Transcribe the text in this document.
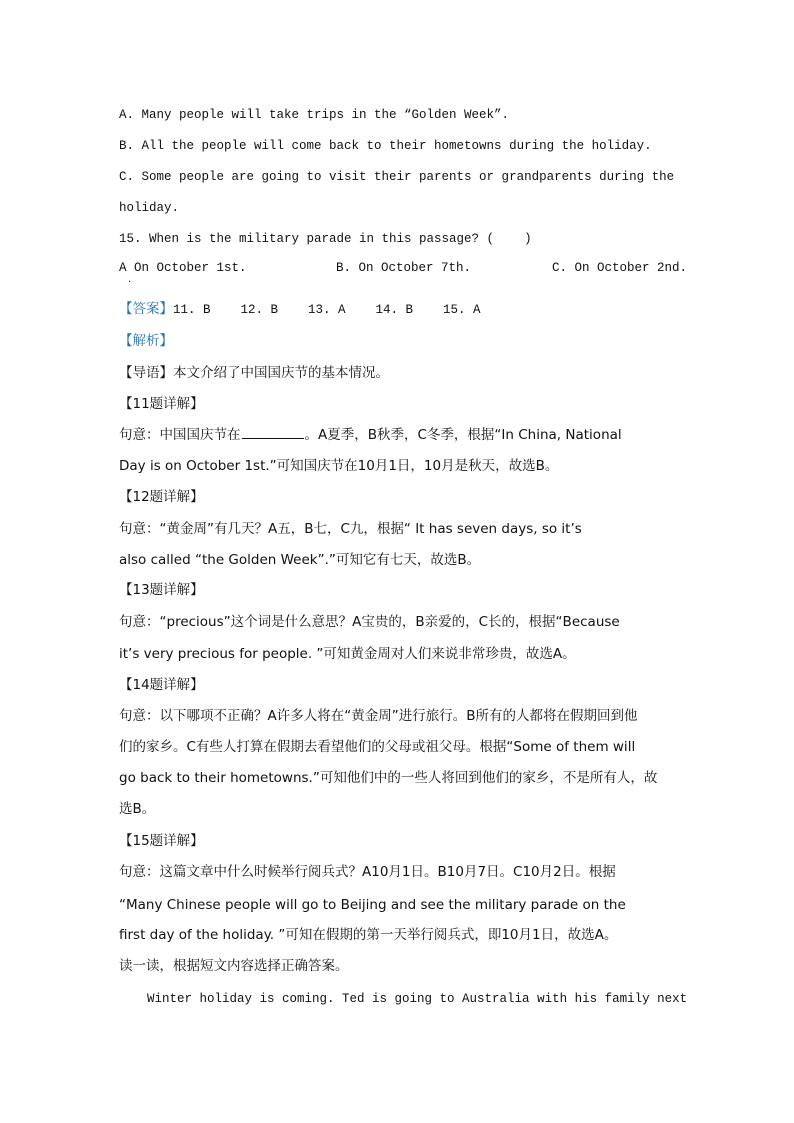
A. Many people will take trips in the “Golden Week”.
B. All the people will come back to their hometowns during the holiday.
C. Some people are going to visit their parents or grandparents during the
holiday.
15. When is the military parade in this passage? (    )
A On October 1st.	B. On October 7th.	C. On October 2nd.
·
【答案】11. B    12. B    13. A    14. B    15. A
【解析】
【导语】本文介绍了中国国庆节的基本情况。
【11题详解】
句意：中国国庆节在	。A夏季，B秋季，C冬季，根据“In China, National
Day is on October 1st.”可知国庆节在10月1日，10月是秋天，故选B。
【12题详解】
句意：“黄金周”有几天？A五，B七，C九，根据“ It has seven days, so it’s
also called “the Golden Week”.”可知它有七天，故选B。
【13题详解】
句意：“precious”这个词是什么意思？A宝贵的，B亲爱的，C长的，根据“Because
it’s very precious for people. ”可知黄金周对人们来说非常珍贵，故选A。
【14题详解】
句意：以下哪项不正确？A许多人将在“黄金周”进行旅行。B所有的人都将在假期回到他
们的家乡。C有些人打算在假期去看望他们的父母或祖父母。根据“Some of them will
go back to their hometowns.”可知他们中的一些人将回到他们的家乡，不是所有人，故
选B。
【15题详解】
句意：这篇文章中什么时候举行阅兵式？A10月1日。B10月7日。C10月2日。根据
“Many Chinese people will go to Beijing and see the military parade on the
first day of the holiday. ”可知在假期的第一天举行阅兵式，即10月1日，故选A。
读一读，根据短文内容选择正确答案。
Winter holiday is coming. Ted is going to Australia with his family next
